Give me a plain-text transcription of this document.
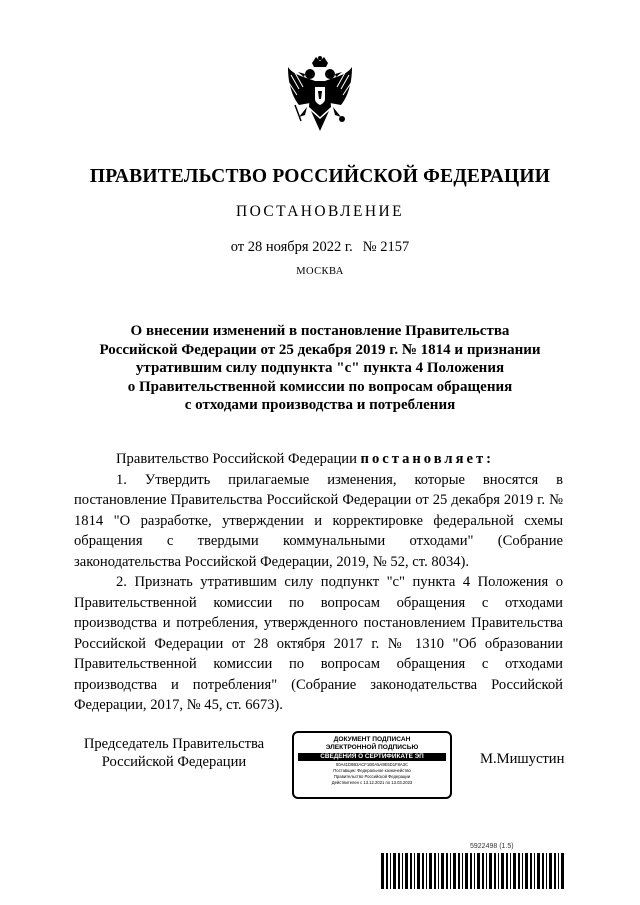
ПРАВИТЕЛЬСТВО РОССИЙСКОЙ ФЕДЕРАЦИИ
ПОСТАНОВЛЕНИЕ
от 28 ноября 2022 г. № 2157
МОСКВА
О внесении изменений в постановление Правительства
Российской Федерации от 25 декабря 2019 г. № 1814 и признании
утратившим силу подпункта "с" пункта 4 Положения
о Правительственной комиссии по вопросам обращения
с отходами производства и потребления

Правительство Российской Федерации постановляет:

1. Утвердить прилагаемые изменения, которые вносятся в постановление Правительства Российской Федерации от 25 декабря 2019 г. № 1814 "О разработке, утверждении и корректировке федеральной схемы обращения с твердыми коммунальными отходами" (Собрание законодательства Российской Федерации, 2019, № 52, ст. 8034).

2. Признать утратившим силу подпункт "с" пункта 4 Положения о Правительственной комиссии по вопросам обращения с отходами производства и потребления, утвержденного постановлением Правительства Российской Федерации от 28 октября 2017 г. № 1310 "Об образовании Правительственной комиссии по вопросам обращения с отходами производства и потребления" (Собрание законодательства Российской Федерации, 2017, № 45, ст. 6673).

Председатель Правительства
Российской Федерации
ДОКУМЕНТ ПОДПИСАН
ЭЛЕКТРОННОЙ ПОДПИСЬЮ
СВЕДЕНИЯ О СЕРТИФИКАТЕ ЭП
00A41D9B3ACF1B0A5A9E5D1F8A3C
Поставщик: Федеральное казначейство
Правительство Российской Федерации
Действителен с 13.12.2021 по 13.03.2023
М.Мишустин
5922498 (1.5)
